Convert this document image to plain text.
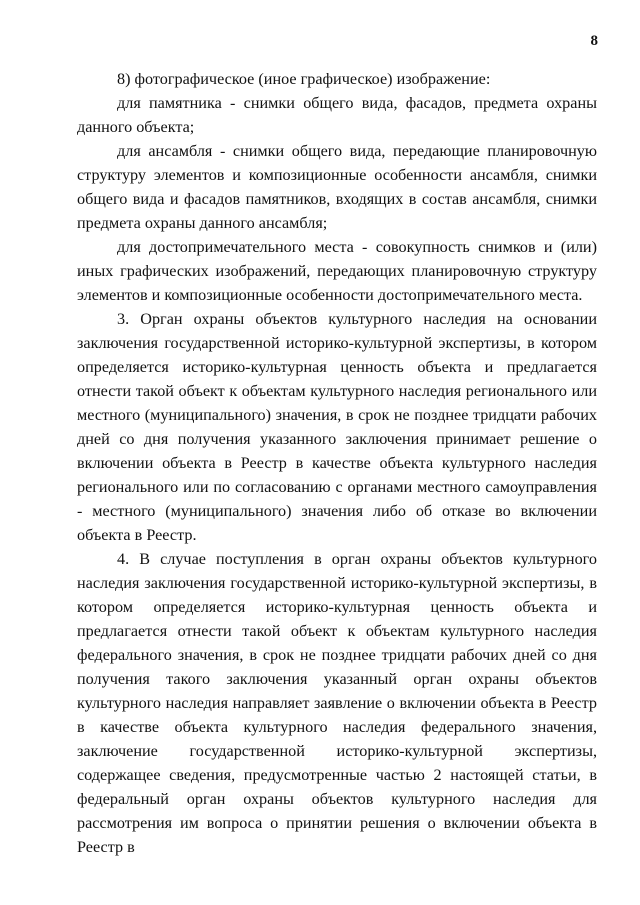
8

8) фотографическое (иное графическое) изображение:

для памятника - снимки общего вида, фасадов, предмета охраны данного объекта;

для ансамбля - снимки общего вида, передающие планировочную структуру элементов и композиционные особенности ансамбля, снимки общего вида и фасадов памятников, входящих в состав ансамбля, снимки предмета охраны данного ансамбля;

для достопримечательного места - совокупность снимков и (или) иных графических изображений, передающих планировочную структуру элементов и композиционные особенности достопримечательного места.

3. Орган охраны объектов культурного наследия на основании заключения государственной историко-культурной экспертизы, в котором определяется историко-культурная ценность объекта и предлагается отнести такой объект к объектам культурного наследия регионального или местного (муниципального) значения, в срок не позднее тридцати рабочих дней со дня получения указанного заключения принимает решение о включении объекта в Реестр в качестве объекта культурного наследия регионального или по согласованию с органами местного самоуправления - местного (муниципального) значения либо об отказе во включении объекта в Реестр.

4. В случае поступления в орган охраны объектов культурного наследия заключения государственной историко-культурной экспертизы, в котором определяется историко-культурная ценность объекта и предлагается отнести такой объект к объектам культурного наследия федерального значения, в срок не позднее тридцати рабочих дней со дня получения такого заключения указанный орган охраны объектов культурного наследия направляет заявление о включении объекта в Реестр в качестве объекта культурного наследия федерального значения, заключение государственной историко-культурной экспертизы, содержащее сведения, предусмотренные частью 2 настоящей статьи, в федеральный орган охраны объектов культурного наследия для рассмотрения им вопроса о принятии решения о включении объекта в Реестр в
